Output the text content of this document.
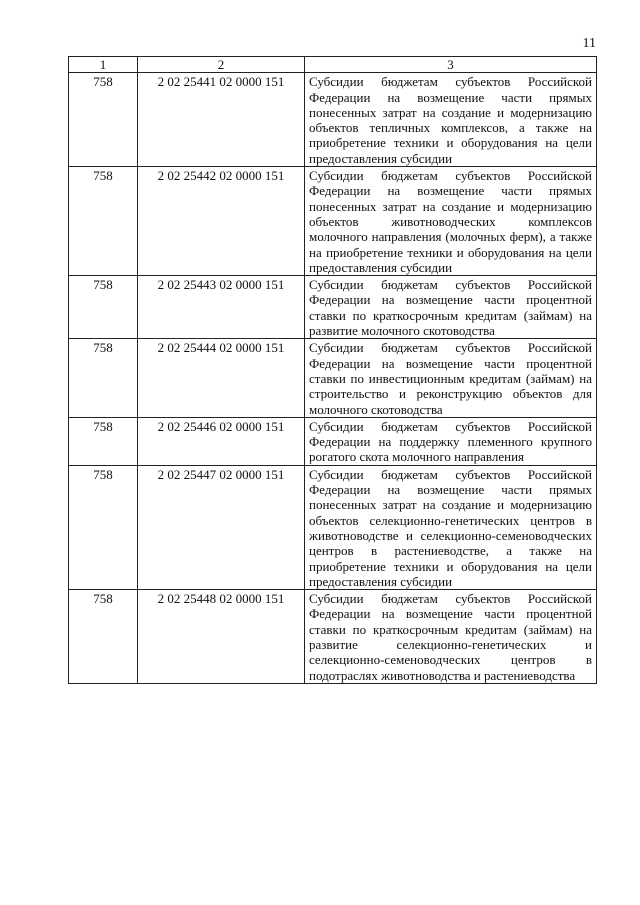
11
1	2	3
758	2 02 25441 02 0000 151	Субсидии бюджетам субъектов Российской Федерации на возмещение части прямых понесенных затрат на создание и модернизацию объектов тепличных комплексов, а также на приобретение техники и оборудования на цели предоставления субсидии
758	2 02 25442 02 0000 151	Субсидии бюджетам субъектов Российской Федерации на возмещение части прямых понесенных затрат на создание и модернизацию объектов животноводческих комплексов молочного направления (молочных ферм), а также на приобретение техники и оборудования на цели предоставления субсидии
758	2 02 25443 02 0000 151	Субсидии бюджетам субъектов Российской Федерации на возмещение части процентной ставки по краткосрочным кредитам (займам) на развитие молочного скотоводства
758	2 02 25444 02 0000 151	Субсидии бюджетам субъектов Российской Федерации на возмещение части процентной ставки по инвестиционным кредитам (займам) на строительство и реконструкцию объектов для молочного скотоводства
758	2 02 25446 02 0000 151	Субсидии бюджетам субъектов Российской Федерации на поддержку племенного крупного рогатого скота молочного направления
758	2 02 25447 02 0000 151	Субсидии бюджетам субъектов Российской Федерации на возмещение части прямых понесенных затрат на создание и модернизацию объектов селекционно-генетических центров в животноводстве и селекционно-семеноводческих центров в растениеводстве, а также на приобретение техники и оборудования на цели предоставления субсидии
758	2 02 25448 02 0000 151	Субсидии бюджетам субъектов Российской Федерации на возмещение части процентной ставки по краткосрочным кредитам (займам) на развитие селекционно-генетических и селекционно-семеноводческих центров в подотраслях животноводства и растениеводства
